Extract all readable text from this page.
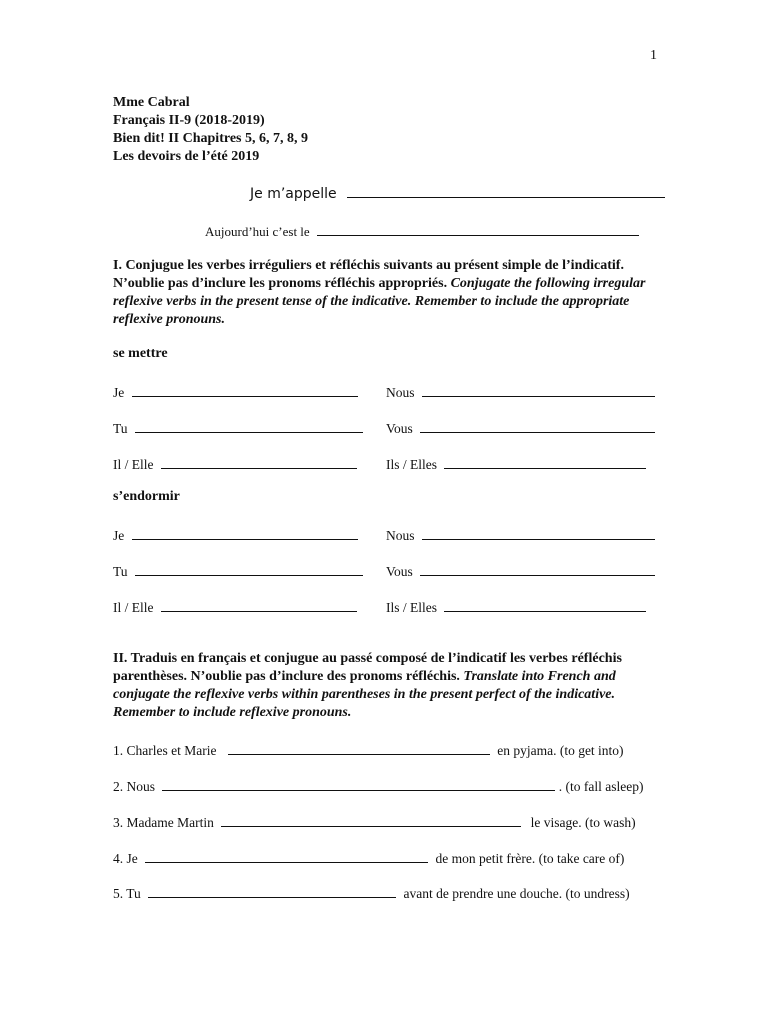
1
Mme Cabral
Français II-9 (2018-2019)
Bien dit! II Chapitres 5, 6, 7, 8, 9
Les devoirs de l’été 2019
Je m’appelle
Aujourd’hui c’est le
I. Conjugue les verbes irréguliers et réfléchis suivants au présent simple de l’indicatif. N’oublie pas d’inclure les pronoms réfléchis appropriés. Conjugate the following irregular reflexive verbs in the present tense of the indicative. Remember to include the appropriate reflexive pronouns.
se mettre
Je	Nous
Tu	Vous
Il / Elle	Ils / Elles
s’endormir
Je	Nous
Tu	Vous
Il / Elle	Ils / Elles
II. Traduis en français et conjugue au passé composé de l’indicatif les verbes réfléchis parenthèses. N’oublie pas d’inclure des pronoms réfléchis. Translate into French and conjugate the reflexive verbs within parentheses in the present perfect of the indicative. Remember to include reflexive pronouns.
1. Charles et Marie	en pyjama. (to get into)
2. Nous	. (to fall asleep)
3. Madame Martin	le visage. (to wash)
4. Je	de mon petit frère. (to take care of)
5. Tu	avant de prendre une douche. (to undress)
